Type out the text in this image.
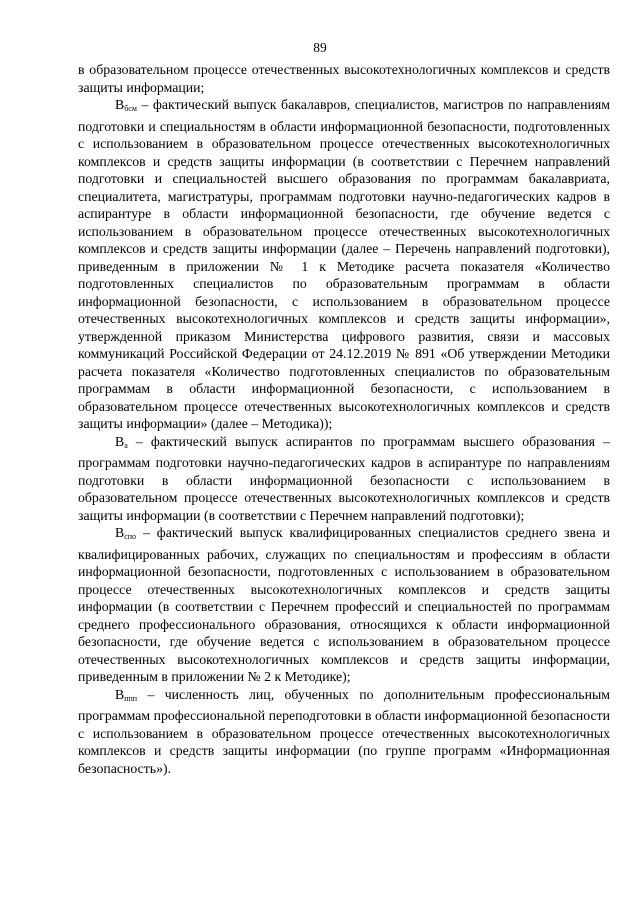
89

в образовательном процессе отечественных высокотехнологичных комплексов и средств защиты информации;

$В_{бсм}$ – фактический выпуск бакалавров, специалистов, магистров по направлениям подготовки и специальностям в области информационной безопасности, подготовленных с использованием в образовательном процессе отечественных высокотехнологичных комплексов и средств защиты информации (в соответствии с Перечнем направлений подготовки и специальностей высшего образования по программам бакалавриата, специалитета, магистратуры, программам подготовки научно-педагогических кадров в аспирантуре в области информационной безопасности, где обучение ведется с использованием в образовательном процессе отечественных высокотехнологичных комплексов и средств защиты информации (далее – Перечень направлений подготовки), приведенным в приложении № 1 к Методике расчета показателя «Количество подготовленных специалистов по образовательным программам в области информационной безопасности, с использованием в образовательном процессе отечественных высокотехнологичных комплексов и средств защиты информации», утвержденной приказом Министерства цифрового развития, связи и массовых коммуникаций Российской Федерации от 24.12.2019 № 891 «Об утверждении Методики расчета показателя «Количество подготовленных специалистов по образовательным программам в области информационной безопасности, с использованием в образовательном процессе отечественных высокотехнологичных комплексов и средств защиты информации» (далее – Методика));

$В_а$ – фактический выпуск аспирантов по программам высшего образования – программам подготовки научно-педагогических кадров в аспирантуре по направлениям подготовки в области информационной безопасности с использованием в образовательном процессе отечественных высокотехнологичных комплексов и средств защиты информации (в соответствии с Перечнем направлений подготовки);

$В_{спо}$ – фактический выпуск квалифицированных специалистов среднего звена и квалифицированных рабочих, служащих по специальностям и профессиям в области информационной безопасности, подготовленных с использованием в образовательном процессе отечественных высокотехнологичных комплексов и средств защиты информации (в соответствии с Перечнем профессий и специальностей по программам среднего профессионального образования, относящихся к области информационной безопасности, где обучение ведется с использованием в образовательном процессе отечественных высокотехнологичных комплексов и средств защиты информации, приведенным в приложении № 2 к Методике);

$В_{ппп}$ – численность лиц, обученных по дополнительным профессиональным программам профессиональной переподготовки в области информационной безопасности с использованием в образовательном процессе отечественных высокотехнологичных комплексов и средств защиты информации (по группе программ «Информационная безопасность»).
